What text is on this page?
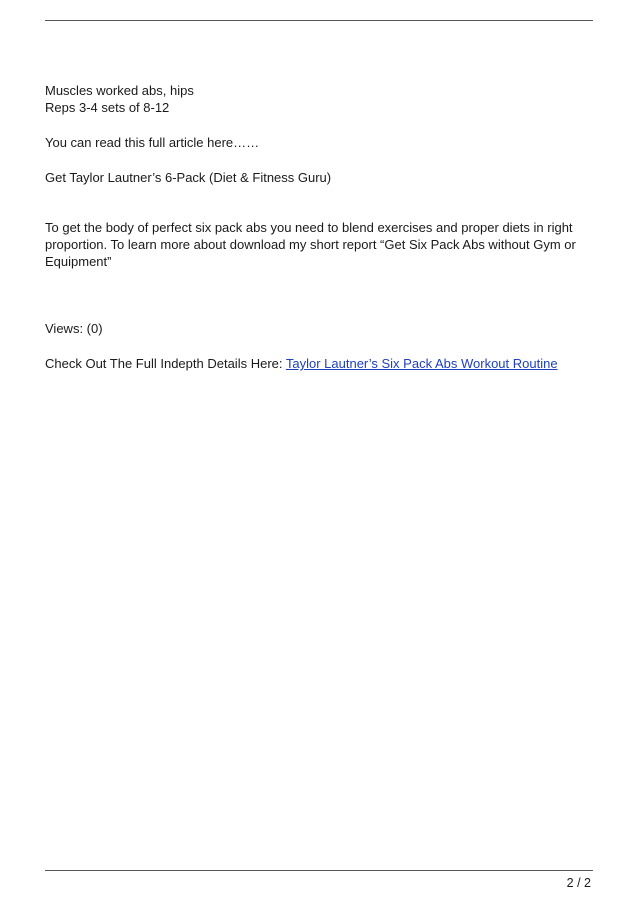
Muscles worked abs, hips

Reps 3-4 sets of 8-12

You can read this full article here……

Get Taylor Lautner’s 6-Pack (Diet & Fitness Guru)

To get the body of perfect six pack abs you need to blend exercises and proper diets in right proportion. To learn more about download my short report “Get Six Pack Abs without Gym or Equipment”

Views: (0)

Check Out The Full Indepth Details Here: Taylor Lautner’s Six Pack Abs Workout Routine

2 / 2
